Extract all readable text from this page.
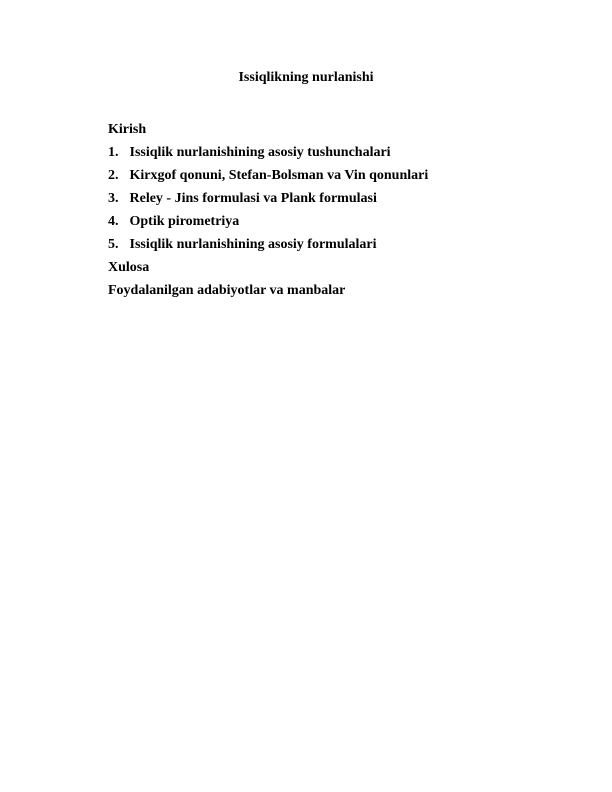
Issiqlikning nurlanishi
Kirish
1. Issiqlik nurlanishining asosiy tushunchalari
2. Kirxgof qonuni, Stefan-Bolsman va Vin qonunlari
3. Reley - Jins formulasi va Plank formulasi
4. Optik pirometriya
5. Issiqlik nurlanishining asosiy formulalari
Xulosa
Foydalanilgan adabiyotlar va manbalar
